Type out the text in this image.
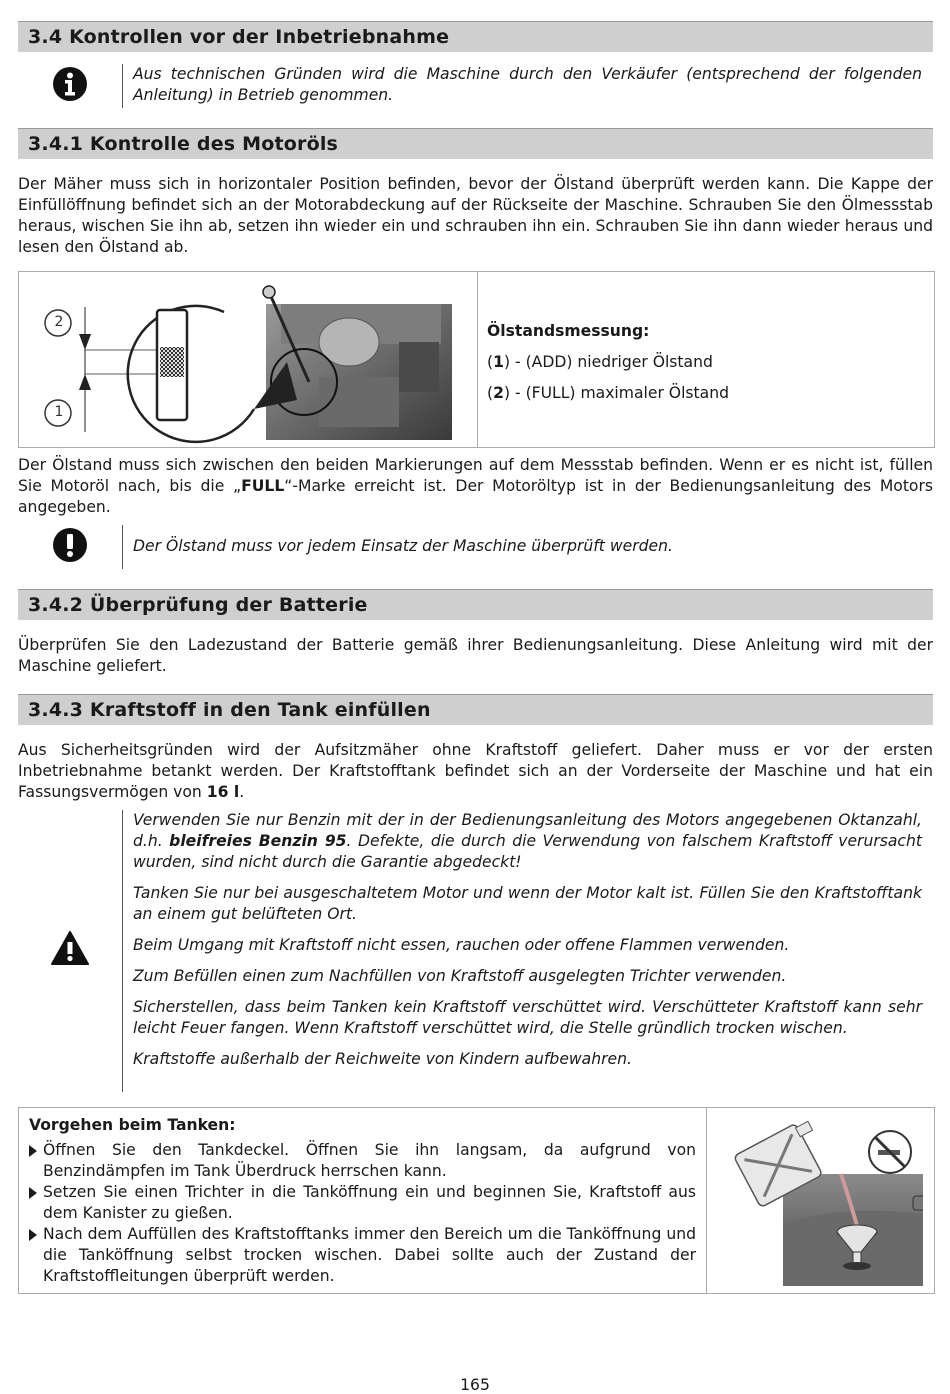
3.4 Kontrollen vor der Inbetriebnahme
Aus technischen Gründen wird die Maschine durch den Verkäufer (entsprechend der folgenden Anleitung) in Betrieb genommen.
3.4.1 Kontrolle des Motoröls

Der Mäher muss sich in horizontaler Position befinden, bevor der Ölstand überprüft werden kann. Die Kappe der Einfüllöffnung befindet sich an der Motorabdeckung auf der Rückseite der Maschine. Schrauben Sie den Ölmessstab heraus, wischen Sie ihn ab, setzen ihn wieder ein und schrauben ihn ein. Schrauben Sie ihn dann wieder heraus und lesen den Ölstand ab.

Ölstandsmessung:
(1) - (ADD) niedriger Ölstand
(2) - (FULL) maximaler Ölstand
2
1

Der Ölstand muss sich zwischen den beiden Markierungen auf dem Messstab befinden. Wenn er es nicht ist, füllen Sie Motoröl nach, bis die „FULL“-Marke erreicht ist. Der Motoröltyp ist in der Bedienungsanleitung des Motors angegeben.

Der Ölstand muss vor jedem Einsatz der Maschine überprüft werden.
3.4.2 Überprüfung der Batterie

Überprüfen Sie den Ladezustand der Batterie gemäß ihrer Bedienungsanleitung. Diese Anleitung wird mit der Maschine geliefert.

3.4.3 Kraftstoff in den Tank einfüllen

Aus Sicherheitsgründen wird der Aufsitzmäher ohne Kraftstoff geliefert. Daher muss er vor der ersten Inbetriebnahme betankt werden. Der Kraftstofftank befindet sich an der Vorderseite der Maschine und hat ein Fassungsvermögen von 16 l.

Verwenden Sie nur Benzin mit der in der Bedienungsanleitung des Motors angegebenen Oktanzahl, d.h. bleifreies Benzin 95. Defekte, die durch die Verwendung von falschem Kraftstoff verursacht wurden, sind nicht durch die Garantie abgedeckt!

Tanken Sie nur bei ausgeschaltetem Motor und wenn der Motor kalt ist. Füllen Sie den Kraftstofftank an einem gut belüfteten Ort.

Beim Umgang mit Kraftstoff nicht essen, rauchen oder offene Flammen verwenden.

Zum Befüllen einen zum Nachfüllen von Kraftstoff ausgelegten Trichter verwenden.

Sicherstellen, dass beim Tanken kein Kraftstoff verschüttet wird. Verschütteter Kraftstoff kann sehr leicht Feuer fangen. Wenn Kraftstoff verschüttet wird, die Stelle gründlich trocken wischen.

Kraftstoffe außerhalb der Reichweite von Kindern aufbewahren.

Vorgehen beim Tanken:
Öffnen Sie den Tankdeckel. Öffnen Sie ihn langsam, da aufgrund von Benzindämpfen im Tank Überdruck herrschen kann.
Setzen Sie einen Trichter in die Tanköffnung ein und beginnen Sie, Kraftstoff aus dem Kanister zu gießen.
Nach dem Auffüllen des Kraftstofftanks immer den Bereich um die Tanköffnung und die Tanköffnung selbst trocken wischen. Dabei sollte auch der Zustand der Kraftstoffleitungen überprüft werden.
165
